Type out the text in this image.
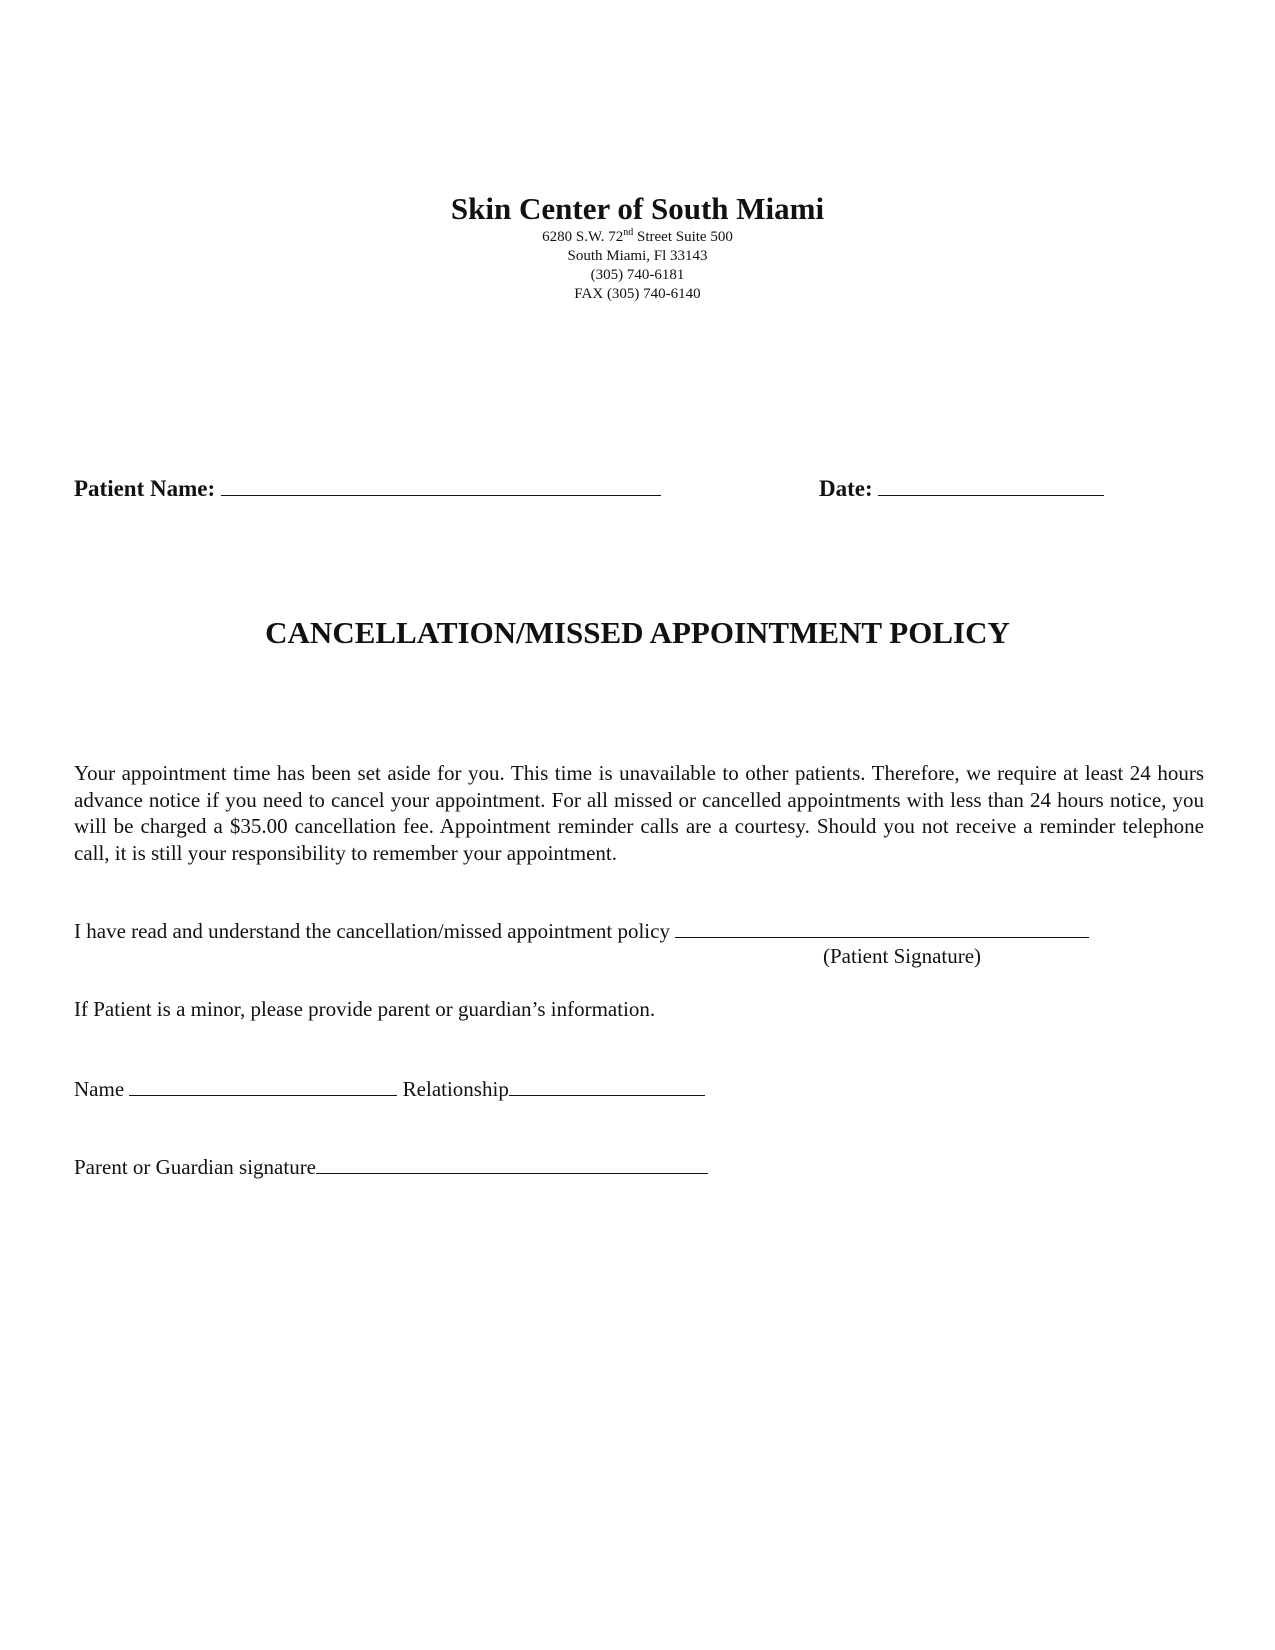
Skin Center of South Miami
6280 S.W. 72nd Street Suite 500
South Miami, Fl 33143
(305) 740-6181
FAX (305) 740-6140
Patient Name:	Date:
CANCELLATION/MISSED APPOINTMENT POLICY
Your appointment time has been set aside for you. This time is unavailable to other patients. Therefore, we require at least 24 hours advance notice if you need to cancel your appointment. For all missed or cancelled appointments with less than 24 hours notice, you will be charged a $35.00 cancellation fee. Appointment reminder calls are a courtesy. Should you not receive a reminder telephone call, it is still your responsibility to remember your appointment.
I have read and understand the cancellation/missed appointment policy
(Patient Signature)
If Patient is a minor, please provide parent or guardian’s information.
Name	Relationship
Parent or Guardian signature
